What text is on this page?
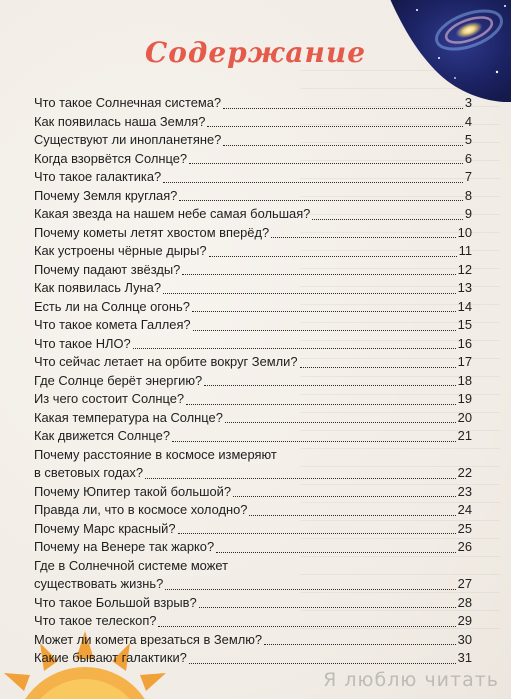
Содержание
Что такое Солнечная система?	3
Как появилась наша Земля?	4
Существуют ли инопланетяне?	5
Когда взорвётся Солнце?	6
Что такое галактика?	7
Почему Земля круглая?	8
Какая звезда на нашем небе самая большая?	9
Почему кометы летят хвостом вперёд?	10
Как устроены чёрные дыры?	11
Почему падают звёзды?	12
Как появилась Луна?	13
Есть ли на Солнце огонь?	14
Что такое комета Галлея?	15
Что такое НЛО?	16
Что сейчас летает на орбите вокруг Земли?	17
Где Солнце берёт энергию?	18
Из чего состоит Солнце?	19
Какая температура на Солнце?	20
Как движется Солнце?	21
Почему расстояние в космосе измеряют
в световых годах?	22
Почему Юпитер такой большой?	23
Правда ли, что в космосе холодно?	24
Почему Марс красный?	25
Почему на Венере так жарко?	26
Где в Солнечной системе может
существовать жизнь?	27
Что такое Большой взрыв?	28
Что такое телескоп?	29
Может ли комета врезаться в Землю?	30
Какие бывают галактики?	31
Я люблю читать
